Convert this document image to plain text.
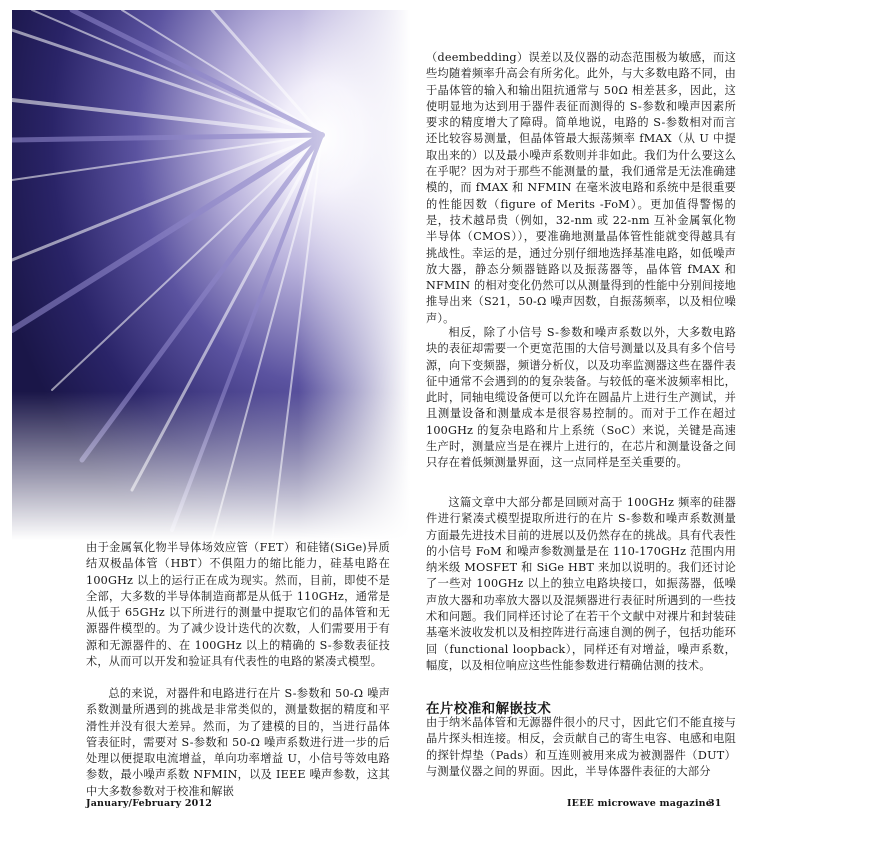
由于金属氧化物半导体场效应管（FET）和硅锗(SiGe)异质结双极晶体管（HBT）不俱阻力的缩比能力，硅基电路在 100GHz 以上的运行正在成为现实。然而，目前，即使不是全部，大多数的半导体制造商都是从低于 110GHz，通常是从低于 65GHz 以下所进行的测量中提取它们的晶体管和无源器件模型的。为了减少设计迭代的次数，人们需要用于有源和无源器件的、在 100GHz 以上的精确的 S-参数表征技术，从而可以开发和验证具有代表性的电路的紧凑式模型。

总的来说，对器件和电路进行在片 S-参数和 50-Ω 噪声系数测量所遇到的挑战是非常类似的，测量数据的精度和平滑性并没有很大差异。然而，为了建模的目的，当进行晶体管表征时，需要对 S-参数和 50-Ω 噪声系数进行进一步的后处理以便提取电流增益，单向功率增益 U，小信号等效电路参数，最小噪声系数 NFMIN，以及 IEEE 噪声参数，这其中大多数参数对于校准和解嵌

（deembedding）误差以及仪器的动态范围极为敏感，而这些均随着频率升高会有所劣化。此外，与大多数电路不同，由于晶体管的输入和输出阻抗通常与 50Ω 相差甚多，因此，这使明显地为达到用于器件表征而测得的 S-参数和噪声因素所要求的精度增大了障碍。简单地说，电路的 S-参数相对而言还比较容易测量，但晶体管最大振荡频率 fMAX（从 U 中提取出来的）以及最小噪声系数则并非如此。我们为什么要这么在乎呢？因为对于那些不能测量的量，我们通常是无法准确建模的，而 fMAX 和 NFMIN 在毫米波电路和系统中是很重要的性能因数（figure of Merits -FoM）。更加值得警惕的是，技术越昂贵（例如，32-nm 或 22-nm 互补金属氧化物半导体（CMOS）），要准确地测量晶体管性能就变得越具有挑战性。幸运的是，通过分别仔细地选择基准电路，如低噪声放大器，静态分频器链路以及振荡器等，晶体管 fMAX 和 NFMIN 的相对变化仍然可以从测量得到的性能中分别间接地推导出来（S21，50-Ω 噪声因数，自振荡频率，以及相位噪声）。

相反，除了小信号 S-参数和噪声系数以外，大多数电路块的表征却需要一个更宽范围的大信号测量以及具有多个信号源，向下变频器，频谱分析仪，以及功率监测器这些在器件表征中通常不会遇到的的复杂装备。与较低的毫米波频率相比，此时，同轴电缆设备便可以允许在圆晶片上进行生产测试，并且测量设备和测量成本是很容易控制的。而对于工作在超过 100GHz 的复杂电路和片上系统（SoC）来说，关键是高速生产时，测量应当是在裸片上进行的，在芯片和测量设备之间只存在着低频测量界面，这一点同样是至关重要的。

这篇文章中大部分都是回顾对高于 100GHz 频率的硅器件进行紧凑式模型提取所进行的在片 S-参数和噪声系数测量方面最先进技术目前的进展以及仍然存在的挑战。具有代表性的小信号 FoM 和噪声参数测量是在 110-170GHz 范围内用纳米级 MOSFET 和 SiGe HBT 来加以说明的。我们还讨论了一些对 100GHz 以上的独立电路块接口，如振荡器，低噪声放大器和功率放大器以及混频器进行表征时所遇到的一些技术和问题。我们同样还讨论了在若干个文献中对裸片和封装硅基毫米波收发机以及相控阵进行高速自测的例子，包括功能环回（functional loopback），同样还有对增益，噪声系数，幅度，以及相位响应这些性能参数进行精确估测的技术。

在片校准和解嵌技术

由于纳米晶体管和无源器件很小的尺寸，因此它们不能直接与晶片探头相连接。相反，会贡献自己的寄生电容、电感和电阻的探针焊垫（Pads）和互连则被用来成为被测器件（DUT）与测量仪器之间的界面。因此，半导体器件表征的大部分

January/February 2012	IEEE microwave magazine
31
